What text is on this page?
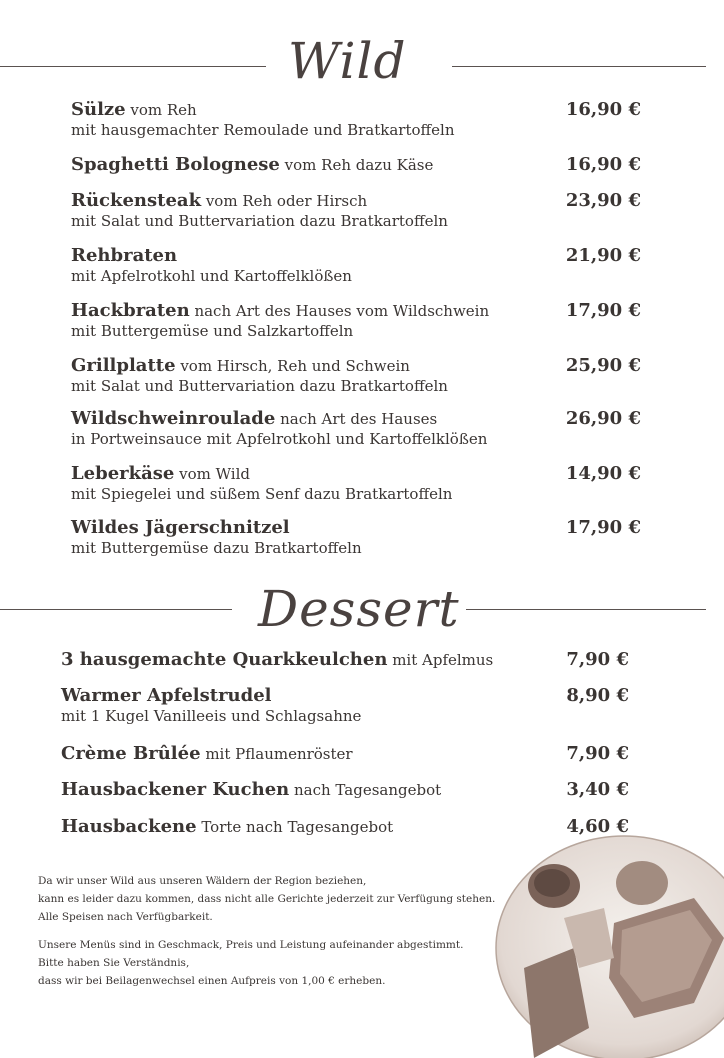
Wild
Sülze vom Reh
mit hausgemachter Remoulade und Bratkartoffeln
16,90 €
Spaghetti Bolognese vom Reh dazu Käse	16,90 €
Rückensteak vom Reh oder Hirsch
mit Salat und Buttervariation dazu Bratkartoffeln
23,90 €
Rehbraten
mit Apfelrotkohl und Kartoffelklößen
21,90 €
Hackbraten nach Art des Hauses vom Wildschwein
mit Buttergemüse und Salzkartoffeln
17,90 €
Grillplatte vom Hirsch, Reh und Schwein
mit Salat und Buttervariation dazu Bratkartoffeln
25,90 €
Wildschweinroulade nach Art des Hauses
in Portweinsauce mit Apfelrotkohl und Kartoffelklößen
26,90 €
Leberkäse vom Wild
mit Spiegelei und süßem Senf dazu Bratkartoffeln
14,90 €
Wildes Jägerschnitzel
mit Buttergemüse dazu Bratkartoffeln
17,90 €
Dessert
3 hausgemachte Quarkkeulchen mit Apfelmus	7,90 €
Warmer Apfelstrudel
mit 1 Kugel Vanilleeis und Schlagsahne
8,90 €
Crème Brûlée mit Pflaumenröster	7,90 €
Hausbackener Kuchen nach Tagesangebot	3,40 €
Hausbackene Torte nach Tagesangebot	4,60 €

Da wir unser Wild aus unseren Wäldern der Region beziehen,

kann es leider dazu kommen, dass nicht alle Gerichte jederzeit zur Verfügung stehen.

Alle Speisen nach Verfügbarkeit.

Unsere Menüs sind in Geschmack, Preis und Leistung aufeinander abgestimmt.

Bitte haben Sie Verständnis,

dass wir bei Beilagenwechsel einen Aufpreis von 1,00 € erheben.
